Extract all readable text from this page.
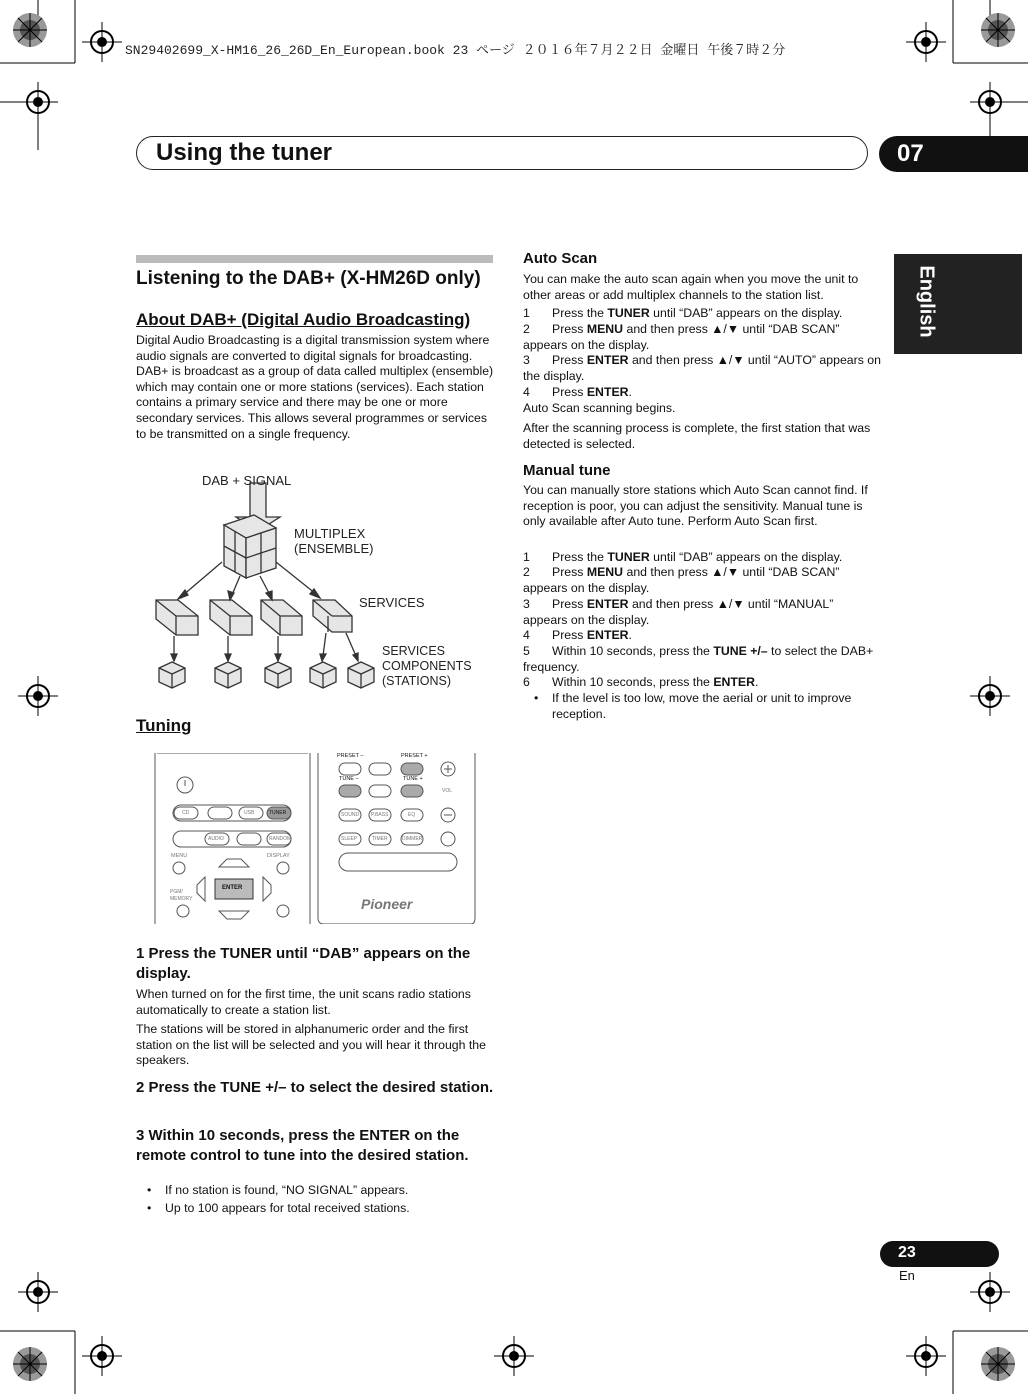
SN29402699_X-HM16_26_26D_En_European.book 23 ページ ２０１６年７月２２日 金曜日 午後７時２分
Using the tuner	07
English
Listening to the DAB+ (X-HM26D only)
About DAB+ (Digital Audio Broadcasting)
Digital Audio Broadcasting is a digital transmission system where audio signals are converted to digital signals for broadcasting. DAB+ is broadcast as a group of data called multiplex (ensemble) which may contain one or more stations (services). Each station contains a primary service and there may be one or more secondary services. This allows several programmes or services to be transmitted on a single frequency.
DAB + SIGNAL
MULTIPLEX
(ENSEMBLE)
SERVICES
SERVICES
COMPONENTS
(STATIONS)
Tuning
PRESET –	PRESET +
TUNE –	TUNE +
CD	USB	TUNER
AUDIO	RANDOM
MENU	DISPLAY
ENTER
PGM/
MEMORY
SOUND P.BASS	EQ
SLEEP	TIMER	DIMMER
VOL
Pioneer
1 Press the TUNER until “DAB” appears on the display.
When turned on for the first time, the unit scans radio stations automatically to create a station list.
The stations will be stored in alphanumeric order and the first station on the list will be selected and you will hear it through the speakers.
2 Press the TUNE +/– to select the desired station.
3 Within 10 seconds, press the ENTER on the remote control to tune into the desired station.
• If no station is found, “NO SIGNAL” appears.
• Up to 100 appears for total received stations.
Auto Scan
You can make the auto scan again when you move the unit to other areas or add multiplex channels to the station list.
1 Press the TUNER until “DAB” appears on the display.
2 Press MENU and then press ▲/▼ until “DAB SCAN” appears on the display.
3 Press ENTER and then press ▲/▼ until “AUTO” appears on the display.
4 Press ENTER.
Auto Scan scanning begins.
After the scanning process is complete, the first station that was detected is selected.
Manual tune
You can manually store stations which Auto Scan cannot find. If reception is poor, you can adjust the sensitivity. Manual tune is only available after Auto tune. Perform Auto Scan first.
1 Press the TUNER until “DAB” appears on the display.
2 Press MENU and then press ▲/▼ until “DAB SCAN” appears on the display.
3 Press ENTER and then press ▲/▼ until “MANUAL” appears on the display.
4 Press ENTER.
5 Within 10 seconds, press the TUNE +/– to select the DAB+ frequency.
6 Within 10 seconds, press the ENTER.
• If the level is too low, move the aerial or unit to improve reception.
23
En
